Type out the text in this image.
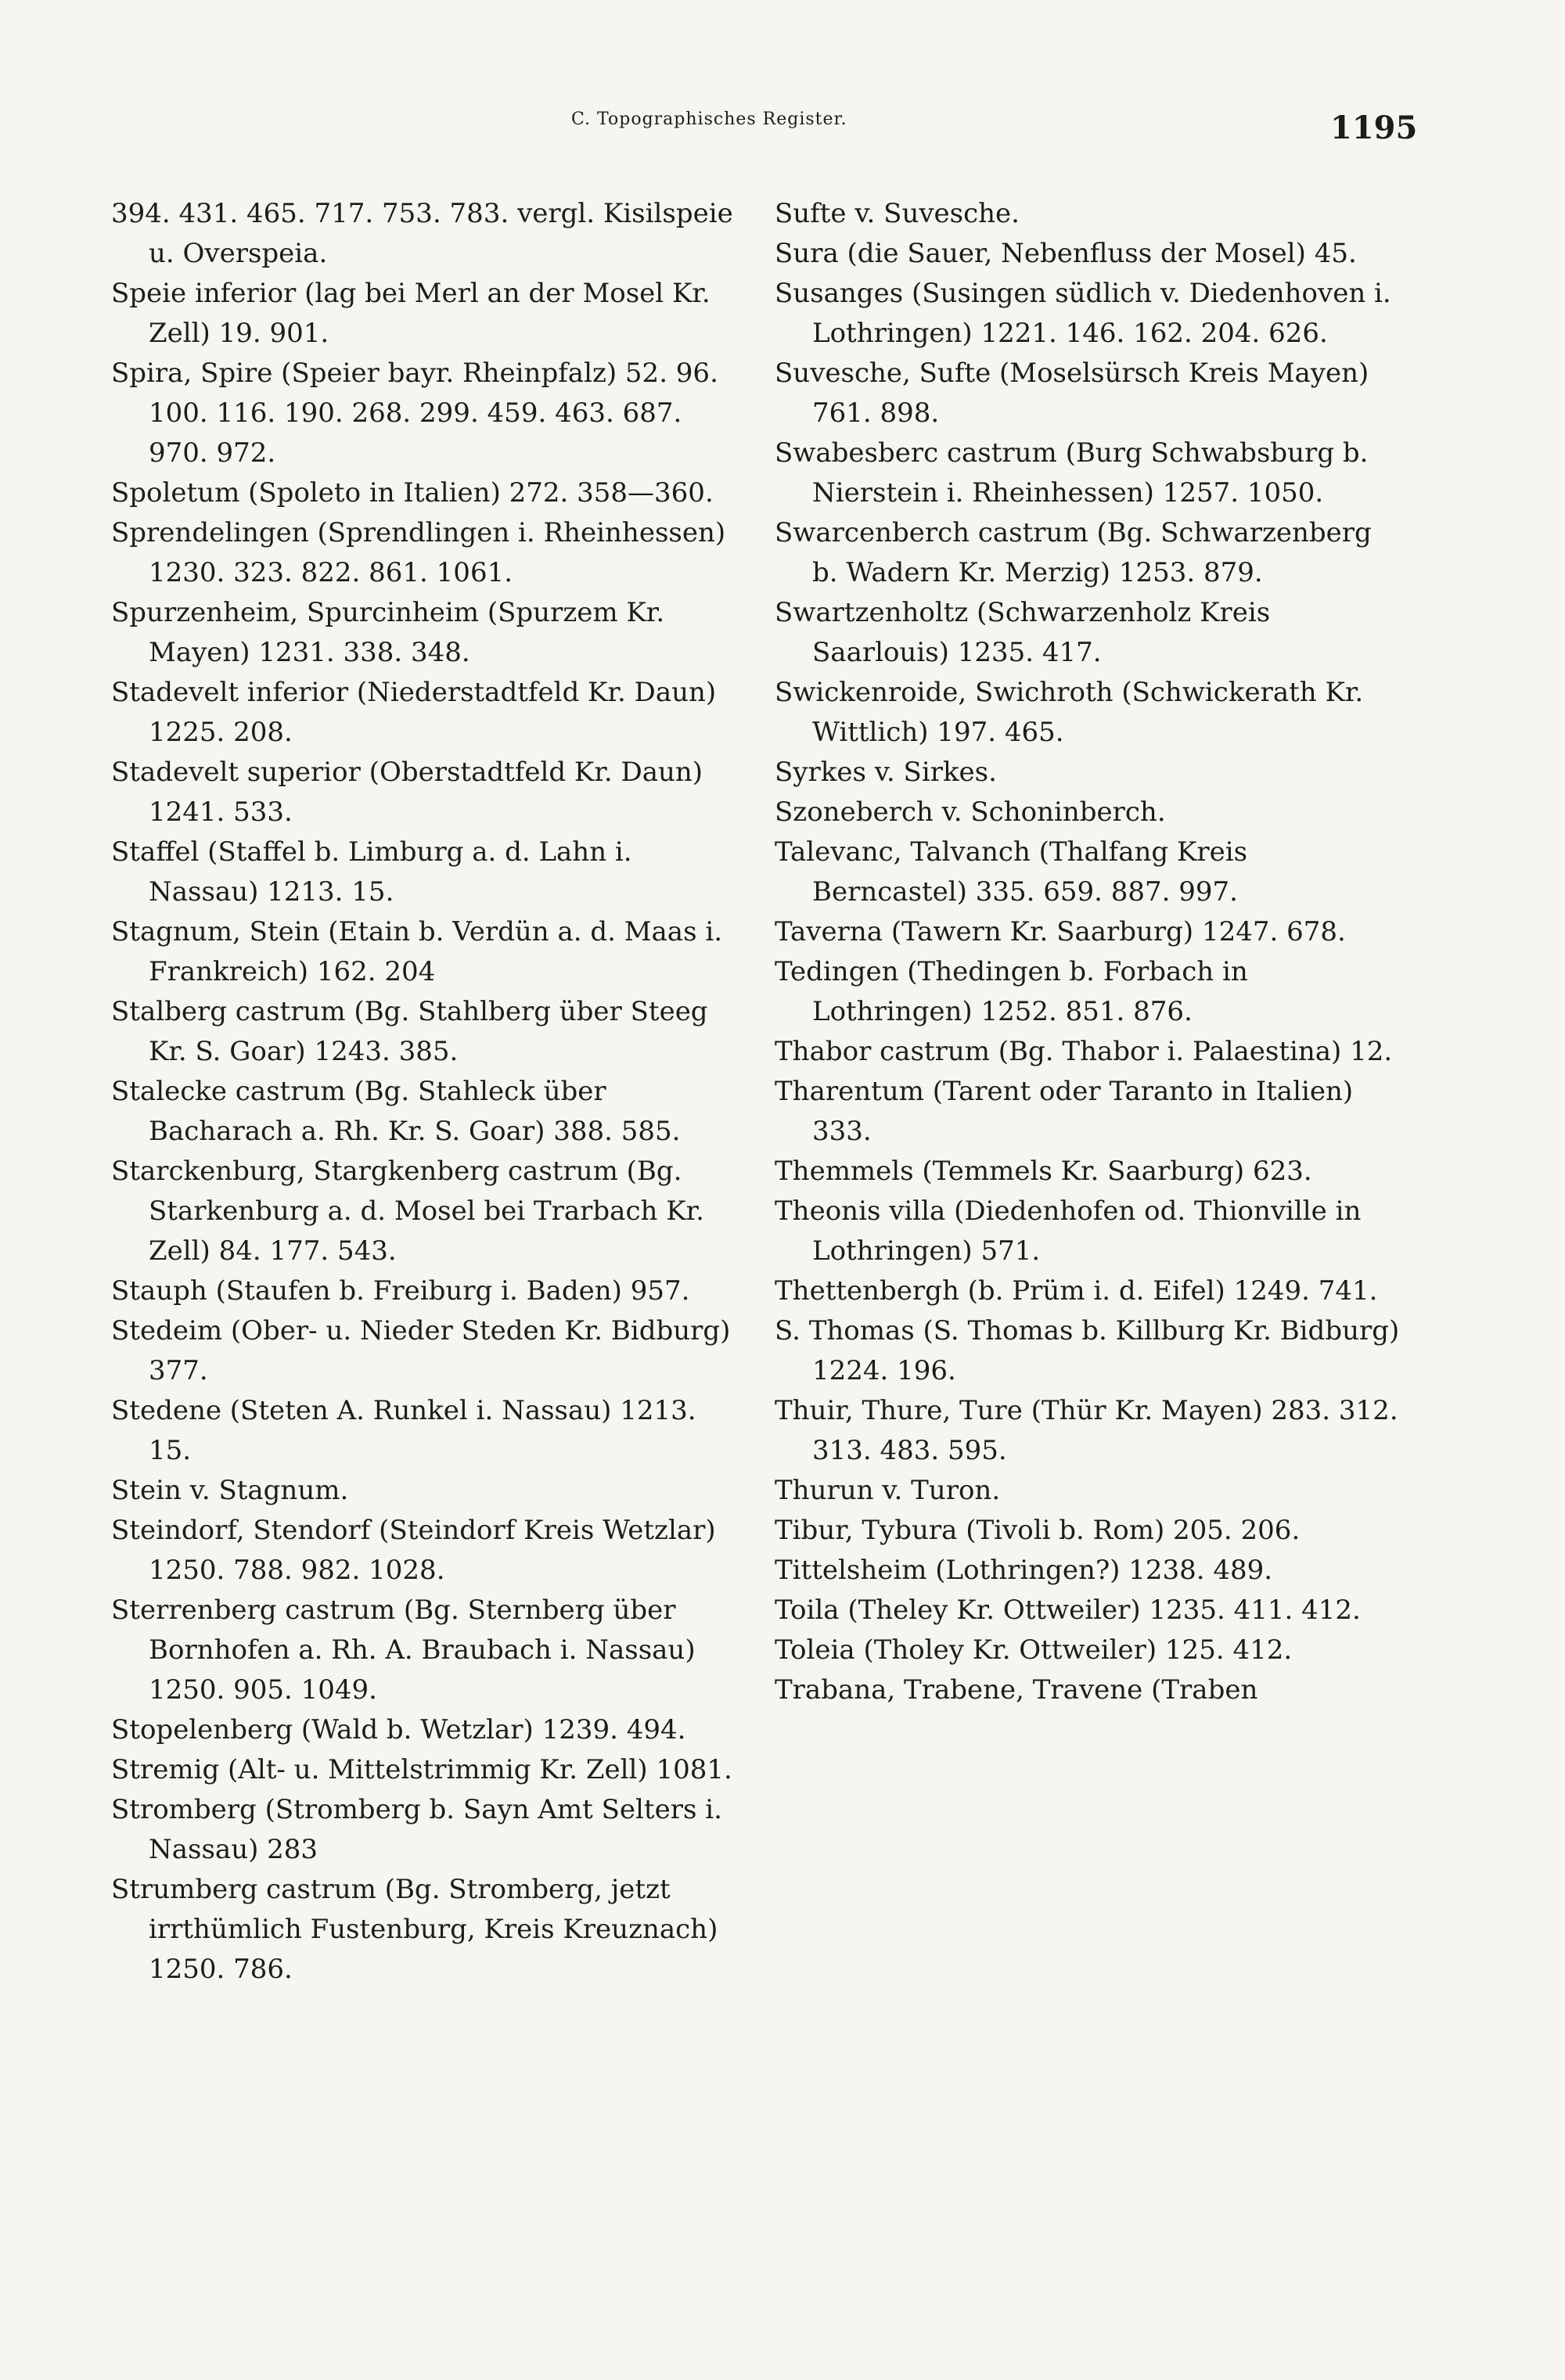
C. Topographisches Register.	1195

394. 431. 465. 717. 753. 783. vergl. Kisilspeie u. Overspeia.

Speie inferior (lag bei Merl an der Mosel Kr. Zell) 19. 901.

Spira, Spire (Speier bayr. Rheinpfalz) 52. 96. 100. 116. 190. 268. 299. 459. 463. 687. 970. 972.

Spoletum (Spoleto in Italien) 272. 358—360.

Sprendelingen (Sprendlingen i. Rheinhessen) 1230. 323. 822. 861. 1061.

Spurzenheim, Spurcinheim (Spurzem Kr. Mayen) 1231. 338. 348.

Stadevelt inferior (Niederstadtfeld Kr. Daun) 1225. 208.

Stadevelt superior (Oberstadtfeld Kr. Daun) 1241. 533.

Staffel (Staffel b. Limburg a. d. Lahn i. Nassau) 1213. 15.

Stagnum, Stein (Etain b. Verdün a. d. Maas i. Frankreich) 162. 204

Stalberg castrum (Bg. Stahlberg über Steeg Kr. S. Goar) 1243. 385.

Stalecke castrum (Bg. Stahleck über Bacharach a. Rh. Kr. S. Goar) 388. 585.

Starckenburg, Stargkenberg castrum (Bg. Starkenburg a. d. Mosel bei Trarbach Kr. Zell) 84. 177. 543.

Stauph (Staufen b. Freiburg i. Baden) 957.

Stedeim (Ober- u. Nieder Steden Kr. Bidburg) 377.

Stedene (Steten A. Runkel i. Nassau) 1213. 15.

Stein v. Stagnum.

Steindorf, Stendorf (Steindorf Kreis Wetzlar) 1250. 788. 982. 1028.

Sterrenberg castrum (Bg. Sternberg über Bornhofen a. Rh. A. Braubach i. Nassau) 1250. 905. 1049.

Stopelenberg (Wald b. Wetzlar) 1239. 494.

Stremig (Alt- u. Mittelstrimmig Kr. Zell) 1081.

Stromberg (Stromberg b. Sayn Amt Selters i. Nassau) 283

Strumberg castrum (Bg. Stromberg, jetzt irrthümlich Fustenburg, Kreis Kreuznach) 1250. 786.

Sufte v. Suvesche.

Sura (die Sauer, Nebenfluss der Mosel) 45.

Susanges (Susingen südlich v. Diedenhoven i. Lothringen) 1221. 146. 162. 204. 626.

Suvesche, Sufte (Moselsürsch Kreis Mayen) 761. 898.

Swabesberc castrum (Burg Schwabsburg b. Nierstein i. Rheinhessen) 1257. 1050.

Swarcenberch castrum (Bg. Schwarzenberg b. Wadern Kr. Merzig) 1253. 879.

Swartzenholtz (Schwarzenholz Kreis Saarlouis) 1235. 417.

Swickenroide, Swichroth (Schwickerath Kr. Wittlich) 197. 465.

Syrkes v. Sirkes.

Szoneberch v. Schoninberch.

Talevanc, Talvanch (Thalfang Kreis Berncastel) 335. 659. 887. 997.

Taverna (Tawern Kr. Saarburg) 1247. 678.

Tedingen (Thedingen b. Forbach in Lothringen) 1252. 851. 876.

Thabor castrum (Bg. Thabor i. Palaestina) 12.

Tharentum (Tarent oder Taranto in Italien) 333.

Themmels (Temmels Kr. Saarburg) 623.

Theonis villa (Diedenhofen od. Thionville in Lothringen) 571.

Thettenbergh (b. Prüm i. d. Eifel) 1249. 741.

S. Thomas (S. Thomas b. Killburg Kr. Bidburg) 1224. 196.

Thuir, Thure, Ture (Thür Kr. Mayen) 283. 312. 313. 483. 595.

Thurun v. Turon.

Tibur, Tybura (Tivoli b. Rom) 205. 206.

Tittelsheim (Lothringen?) 1238. 489.

Toila (Theley Kr. Ottweiler) 1235. 411. 412.

Toleia (Tholey Kr. Ottweiler) 125. 412.

Trabana, Trabene, Travene (Traben
